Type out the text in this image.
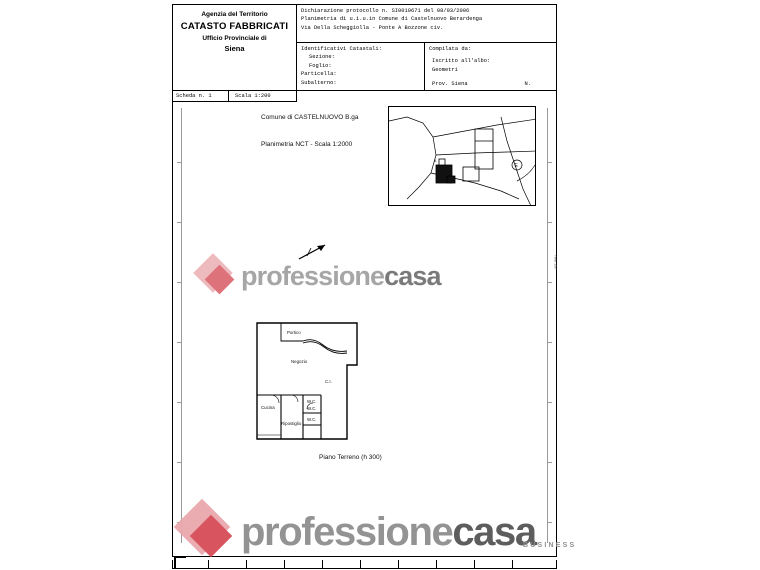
Agenzia del Territorio
CATASTO FABBRICATI
Ufficio Provinciale di
Siena
Dichiarazione protocollo n. SI0019671 del 08/03/2006
Planimetria di u.i.u.in Comune di Castelnuovo Berardenga
Via Della Scheggiolla - Ponte A Bozzone civ.
Identificativi Catastali:
Sezione:
Foglio:
Particella:
Subalterno:
Compilata da:
Iscritto all'albo:
Geometri
Prov. Siena	N.
Scheda n. 1	Scala 1:200
Comune di CASTELNUOVO B.ga
Planimetria NCT - Scala 1:2000
A
E
Portico
Negozio
C.I.
Cucina
W.C.
W.C.
Ripostiglio
W.C.
Piano Terreno (h 300)
mm 297
professionecasa
professionecasa
BUSINESS
